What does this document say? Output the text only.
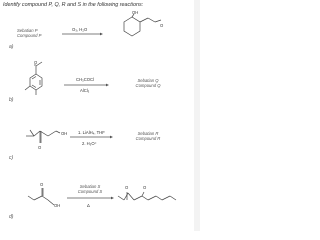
Identify compound P, Q, R and S in the following reactions:
Sebatian P
Compound P
O₃, H₂O
a)
OH
O
CH₃COCl
AlCl₃
Sebatian Q
Compound Q
b)
O
1. LiAlH₄, THF
2. H₃O⁺
Sebatian R
Compound R
c)
OH
O
Sebatian S
Compound S
Δ
d)
O
OH
O	O
